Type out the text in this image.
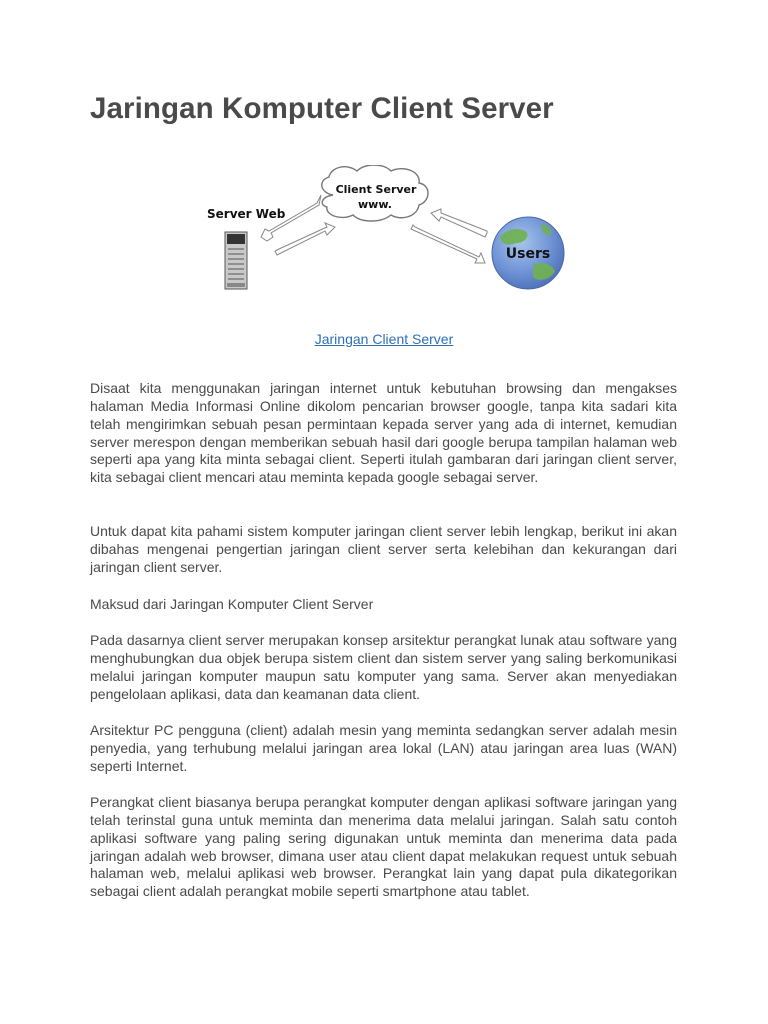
Jaringan Komputer Client Server
Client Server
www.
Server Web
Users
Jaringan Client Server

Disaat kita menggunakan jaringan internet untuk kebutuhan browsing dan mengakses halaman Media Informasi Online dikolom pencarian browser google, tanpa kita sadari kita telah mengirimkan sebuah pesan permintaan kepada server yang ada di internet, kemudian server merespon dengan memberikan sebuah hasil dari google berupa tampilan halaman web seperti apa yang kita minta sebagai client. Seperti itulah gambaran dari jaringan client server, kita sebagai client mencari atau meminta kepada google sebagai server.

Untuk dapat kita pahami sistem komputer jaringan client server lebih lengkap, berikut ini akan dibahas mengenai pengertian jaringan client server serta kelebihan dan kekurangan dari jaringan client server.

Maksud dari Jaringan Komputer Client Server

Pada dasarnya client server merupakan konsep arsitektur perangkat lunak atau software yang menghubungkan dua objek berupa sistem client dan sistem server yang saling berkomunikasi melalui jaringan komputer maupun satu komputer yang sama. Server akan menyediakan pengelolaan aplikasi, data dan keamanan data client.

Arsitektur PC pengguna (client) adalah mesin yang meminta sedangkan server adalah mesin penyedia, yang terhubung melalui jaringan area lokal (LAN) atau jaringan area luas (WAN) seperti Internet.

Perangkat client biasanya berupa perangkat komputer dengan aplikasi software jaringan yang telah terinstal guna untuk meminta dan menerima data melalui jaringan. Salah satu contoh aplikasi software yang paling sering digunakan untuk meminta dan menerima data pada jaringan adalah web browser, dimana user atau client dapat melakukan request untuk sebuah halaman web, melalui aplikasi web browser. Perangkat lain yang dapat pula dikategorikan sebagai client adalah perangkat mobile seperti smartphone atau tablet.
